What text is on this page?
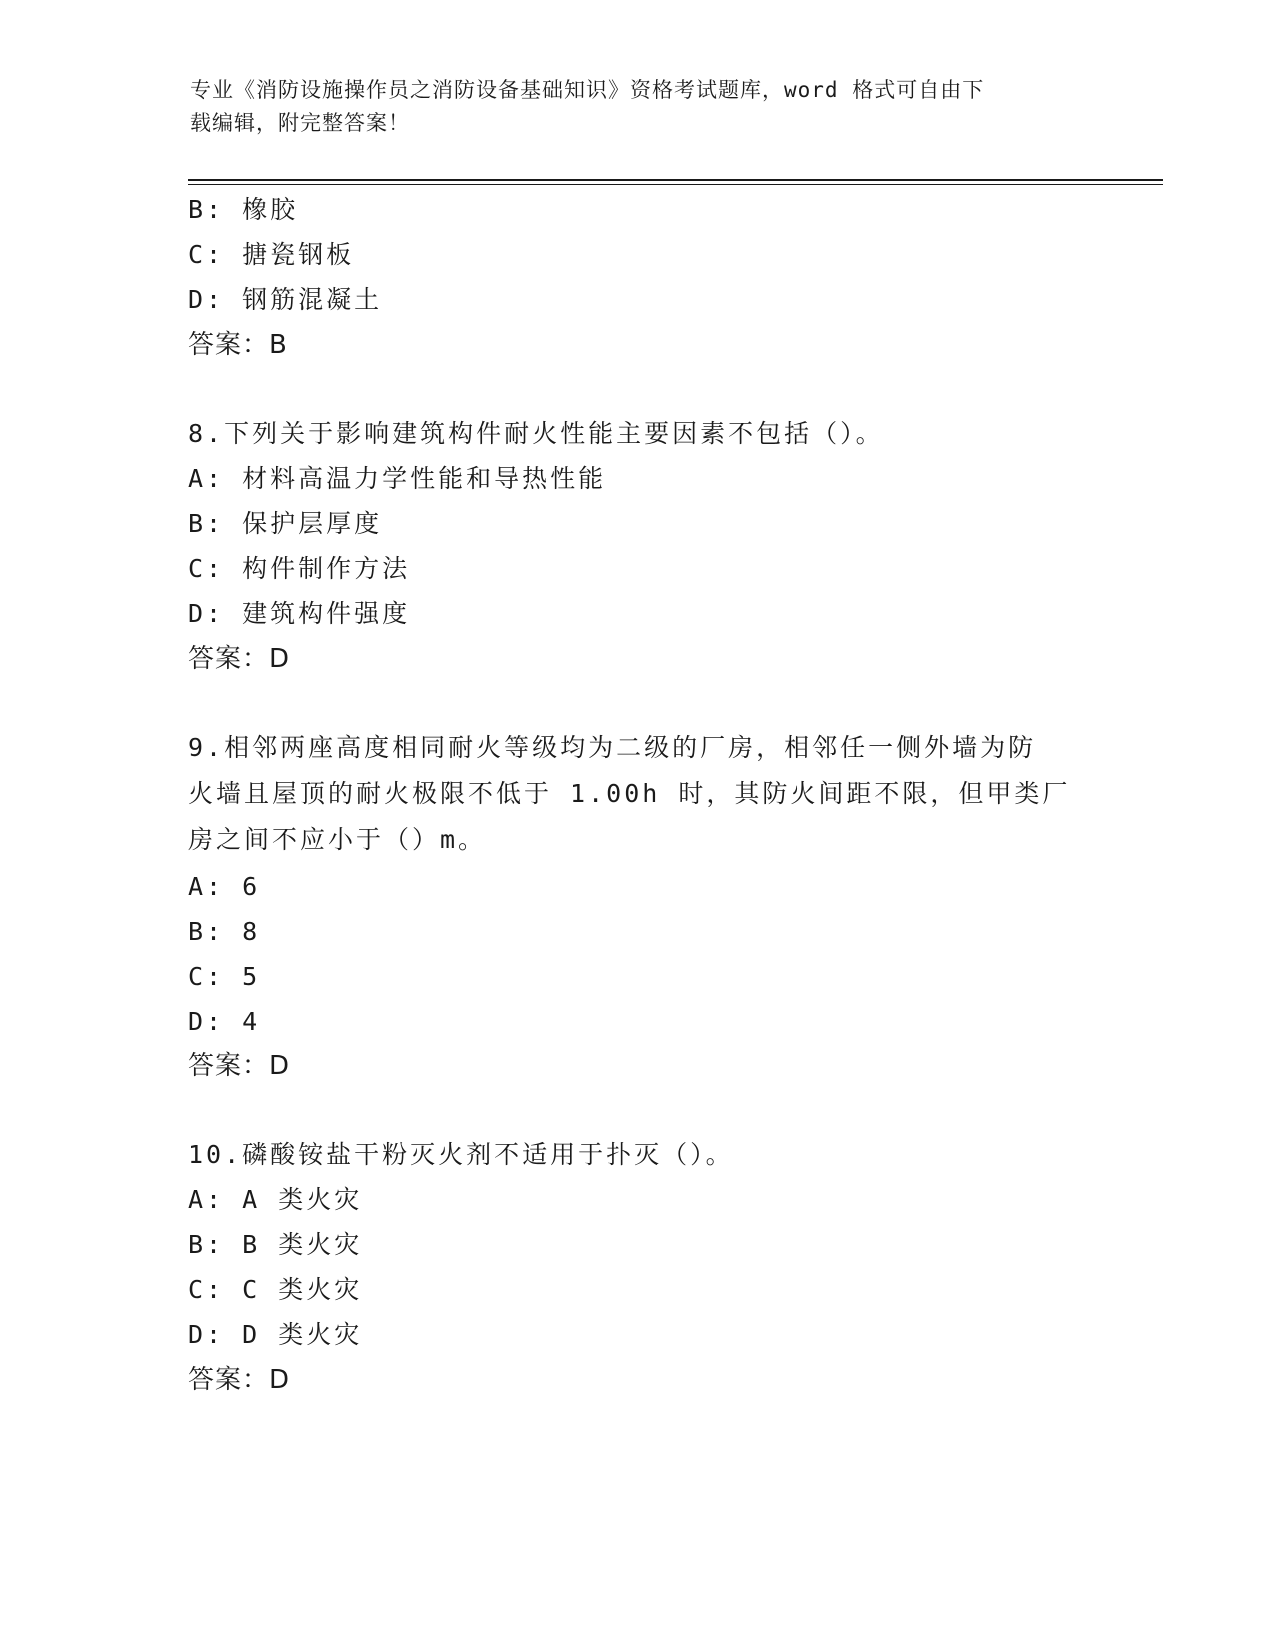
专业《消防设施操作员之消防设备基础知识》资格考试题库，word 格式可自由下
载编辑，附完整答案！
B: 橡胶
C: 搪瓷钢板
D: 钢筋混凝土
答案：B
8.下列关于影响建筑构件耐火性能主要因素不包括（）。
A: 材料高温力学性能和导热性能
B: 保护层厚度
C: 构件制作方法
D: 建筑构件强度
答案：D
9.相邻两座高度相同耐火等级均为二级的厂房，相邻任一侧外墙为防
火墙且屋顶的耐火极限不低于 1.00h 时，其防火间距不限，但甲类厂
房之间不应小于（）m。
A: 6
B: 8
C: 5
D: 4
答案：D
10.磷酸铵盐干粉灭火剂不适用于扑灭（）。
A: A 类火灾
B: B 类火灾
C: C 类火灾
D: D 类火灾
答案：D
